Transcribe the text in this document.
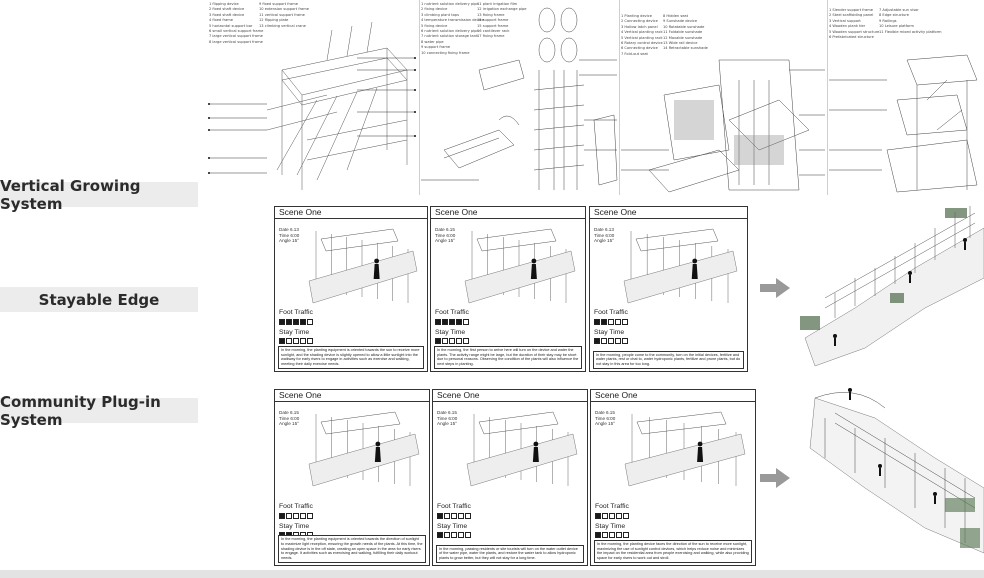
1 flipping device
2 fixed shaft device
3 fixed shaft device
4 fixed frame
5 horizontal support bar
6 small vertical support frame
7 large vertical support frame
8 large vertical support frame
9 fixed support frame
10 extension support frame
11 vertical support frame
12 flipping plate
13 climbing vertical crane
1 nutrient solution delivery pipe
2 fixing device
3 climbing plant tops
4 temperature transmission device
5 fixing device
6 nutrient solution delivery pipe
7 nutrient solution storage tank
8 water pipe
9 support frame
10 connecting fixing frame
11 plant irrigation film
12 irrigation exchange pipe
13 fixing frame
14 support frame
15 support frame
16 cantilever rack
17 fixing frame
1 Planting device
2 Connecting device
3 Hollow latch panel
4 Vertical planting rack
5 Vertical planting rack
6 Rotary control device
6 Connecting device
7 Fold-out seat
8 Hidden seat
9 Sunshade device
10 Rotatable sunshade
11 Foldable sunshade
12 Movable sunshade
13 Wide rail device
14 Retractable sunshade
1 Slender support frame
2 Steel scaffolding panel
3 Vertical support
4 Wooden plank tier
5 Wooden support structure
6 Prefabricated structure
7 Adjustable sun visor
8 Edge structure
9 Railings
10 Leisure platform
11 Flexible mixed activity platform
Vertical Growing System
Stayable Edge
Community Plug-in System
Scene One
Date 6.13
Time 6:00
Angle 15°
Foot Traffic
Stay Time
In the morning, the planting equipment is oriented towards the sun to receive more sunlight, and the shading device is slightly opened to allow a little sunlight into the walkway for early risers to engage in activities such as exercise and walking, meeting their daily exercise needs.
Scene One
Date 6.15
Time 6:00
Angle 15°
Foot Traffic
Stay Time
In the morning, the first person to arrive here will turn on the device and water the plants. The activity range might be large, but the duration of their stay may be short due to personal reasons. Observing the condition of the plants will also influence the next steps in planting.
Scene One
Date 6.13
Time 6:00
Angle 15°
Foot Traffic
Stay Time
In the morning, people come to the community, turn on the initial devices, fertilize and water plants, rest or chat to, water hydroponic plants, fertilize and prune plants, but do not stay in this area for too long.
Scene One
Date 6.15
Time 6:00
Angle 15°
Foot Traffic
Stay Time
In the morning, the planting equipment is oriented towards the direction of sunlight to maximize light reception, ensuring the growth needs of the plants. At this time, the shading device is in the off state, creating an open space in the area for early risers to engage. It activities such as exercising and walking, fulfilling their daily workout needs.
Scene One
Date 6.15
Time 6:00
Angle 15°
Foot Traffic
Stay Time
In the morning, passing residents or site tourists will turn on the water outlet device of the water pipe, water the plants, and restore the water tank to allow hydroponic plants to grow better, but they will not stay for a long time.
Scene One
Date 6.15
Time 6:00
Angle 15°
Foot Traffic
Stay Time
In the morning, the planting device faces the direction of the sun to receive more sunlight, maximizing the use of sunlight control devices, which helps reduce noise and minimizes the impact on the residential area from people exercising and walking, while also providing space for early risers to work out and stroll.
